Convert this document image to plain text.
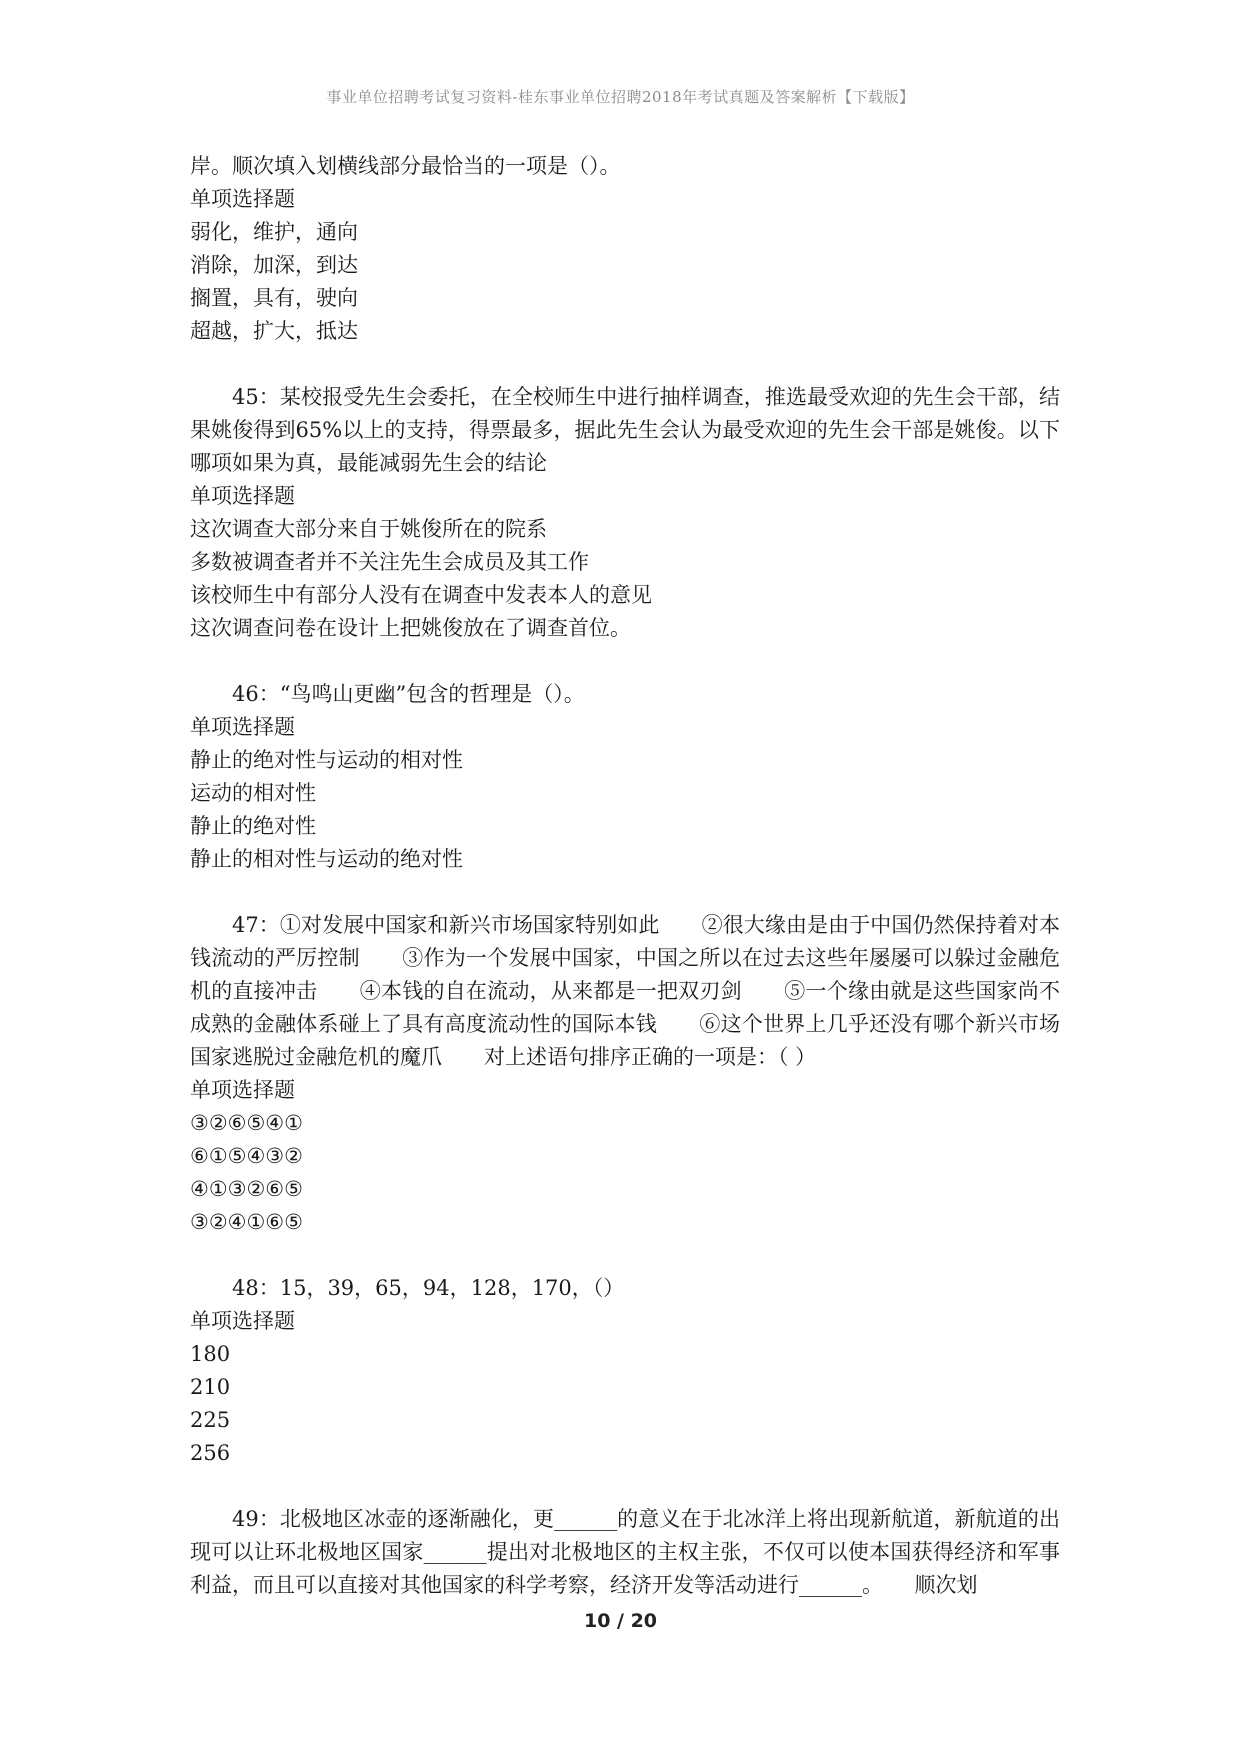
事业单位招聘考试复习资料-桂东事业单位招聘2018年考试真题及答案解析【下载版】
岸。顺次填入划横线部分最恰当的一项是（）。
单项选择题
弱化，维护，通向
消除，加深，到达
搁置，具有，驶向
超越，扩大，抵达
45：某校报受先生会委托，在全校师生中进行抽样调查，推选最受欢迎的先生会干部，结果姚俊得到65%以上的支持，得票最多，据此先生会认为最受欢迎的先生会干部是姚俊。以下哪项如果为真，最能减弱先生会的结论
单项选择题
这次调查大部分来自于姚俊所在的院系
多数被调查者并不关注先生会成员及其工作
该校师生中有部分人没有在调查中发表本人的意见
这次调查问卷在设计上把姚俊放在了调查首位。
46：“鸟鸣山更幽”包含的哲理是（）。
单项选择题
静止的绝对性与运动的相对性
运动的相对性
静止的绝对性
静止的相对性与运动的绝对性
47：①对发展中国家和新兴市场国家特别如此　　②很大缘由是由于中国仍然保持着对本钱流动的严厉控制　　③作为一个发展中国家，中国之所以在过去这些年屡屡可以躲过金融危机的直接冲击　　④本钱的自在流动，从来都是一把双刃剑　　⑤一个缘由就是这些国家尚不成熟的金融体系碰上了具有高度流动性的国际本钱　　⑥这个世界上几乎还没有哪个新兴市场国家逃脱过金融危机的魔爪　　对上述语句排序正确的一项是：（ ）
单项选择题
③②⑥⑤④①
⑥①⑤④③②
④①③②⑥⑤
③②④①⑥⑤
48：15，39，65，94，128，170，（）
单项选择题
180
210
225
256
49：北极地区冰壶的逐渐融化，更______的意义在于北冰洋上将出现新航道，新航道的出现可以让环北极地区国家______提出对北极地区的主权主张，不仅可以使本国获得经济和军事利益，而且可以直接对其他国家的科学考察，经济开发等活动进行______。　　顺次划
10 / 20
